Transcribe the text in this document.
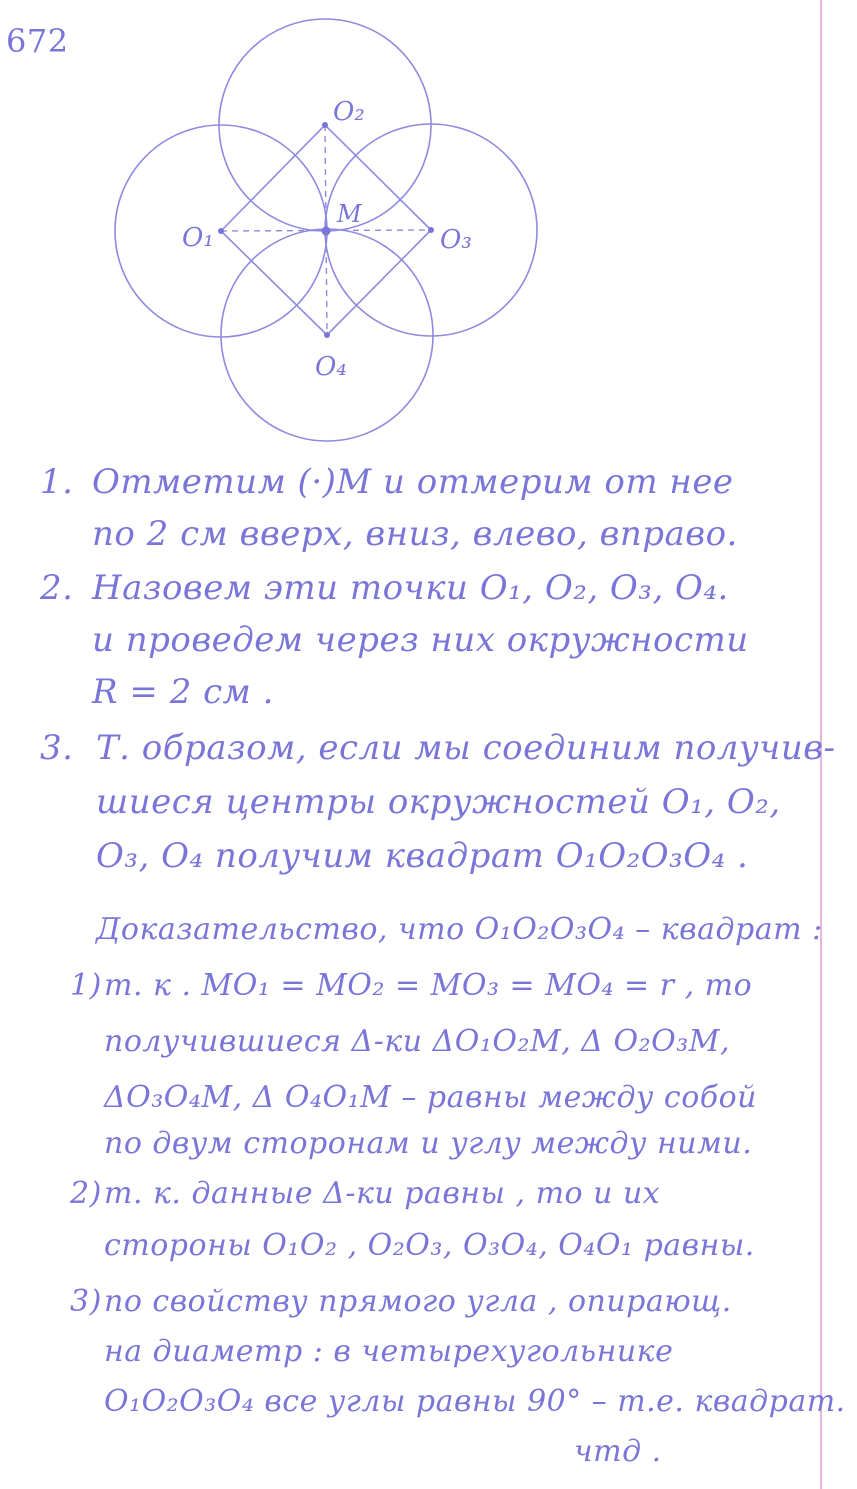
672
O₁
O₂
O₃
O₄
M
1. Отметим (·)M и отмерим от нее
по 2 см вверх, вниз, влево, вправо.
2. Назовем эти точки O₁, O₂, O₃, O₄.
и проведем через них окружности
R = 2 см .
3. Т. образом, если мы соединим получив-
шиеся центры окружностей O₁, O₂,
O₃, O₄ получим квадрат O₁O₂O₃O₄ .
Доказательство, что O₁O₂O₃O₄ – квадрат :
1) т. к . MO₁ = MO₂ = MO₃ = MO₄ = r , то
получившиеся Δ-ки ΔO₁O₂M, Δ O₂O₃M,
ΔO₃O₄M, Δ O₄O₁M – равны между собой
по двум сторонам и углу между ними.
2) т. к. данные Δ-ки равны , то и их
стороны O₁O₂ , O₂O₃, O₃O₄, O₄O₁ равны.
3) по свойству прямого угла , опирающ.
на диаметр : в четырехугольнике
O₁O₂O₃O₄ все углы равны 90° – т.е. квадрат.
чтд .
